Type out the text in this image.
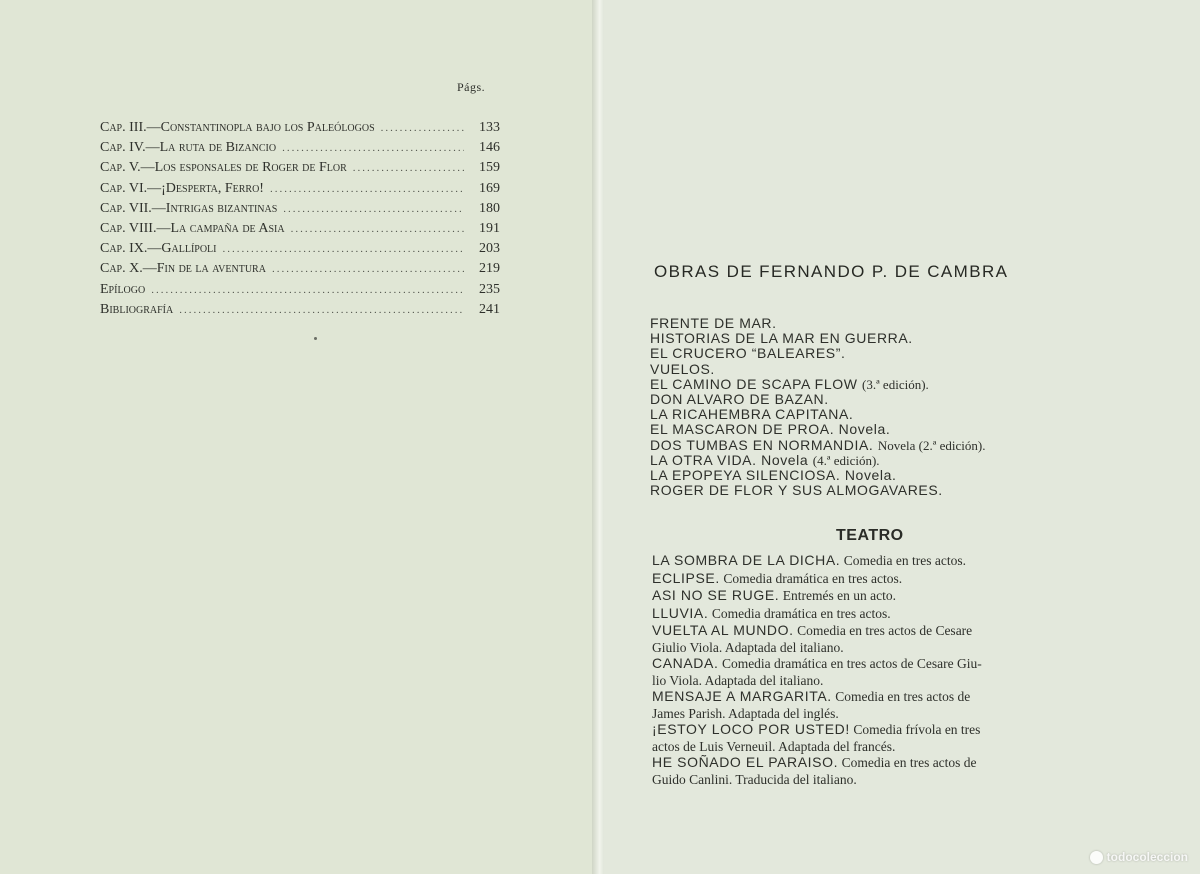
Págs.
Cap. III.—Constantinopla bajo los Paleólogos .....	133
Cap. IV.—La ruta de Bizancio .....	146
Cap. V.—Los esponsales de Roger de Flor .....	159
Cap. VI.—¡Desperta, Ferro! .....	169
Cap. VII.—Intrigas bizantinas .....	180
Cap. VIII.—La campaña de Asia .....	191
Cap. IX.—Gallípoli .....	203
Cap. X.—Fin de la aventura .....	219
Epílogo .....	235
Bibliografía .....	241
OBRAS DE FERNANDO P. DE CAMBRA
FRENTE DE MAR.
HISTORIAS DE LA MAR EN GUERRA.
EL CRUCERO “BALEARES”.
VUELOS.
EL CAMINO DE SCAPA FLOW (3.ª edición).
DON ALVARO DE BAZAN.
LA RICAHEMBRA CAPITANA.
EL MASCARON DE PROA. Novela.
DOS TUMBAS EN NORMANDIA. Novela (2.ª edición).
LA OTRA VIDA. Novela (4.ª edición).
LA EPOPEYA SILENCIOSA. Novela.
ROGER DE FLOR Y SUS ALMOGAVARES.
TEATRO
LA SOMBRA DE LA DICHA. Comedia en tres actos.
ECLIPSE. Comedia dramática en tres actos.
ASI NO SE RUGE. Entremés en un acto.
LLUVIA. Comedia dramática en tres actos.
VUELTA AL MUNDO. Comedia en tres actos de Cesare
Giulio Viola. Adaptada del italiano.
CANADA. Comedia dramática en tres actos de Cesare Giu-
lio Viola. Adaptada del italiano.
MENSAJE A MARGARITA. Comedia en tres actos de
James Parish. Adaptada del inglés.
¡ESTOY LOCO POR USTED! Comedia frívola en tres
actos de Luis Verneuil. Adaptada del francés.
HE SOÑADO EL PARAISO. Comedia en tres actos de
Guido Canlini. Traducida del italiano.
todocoleccion
